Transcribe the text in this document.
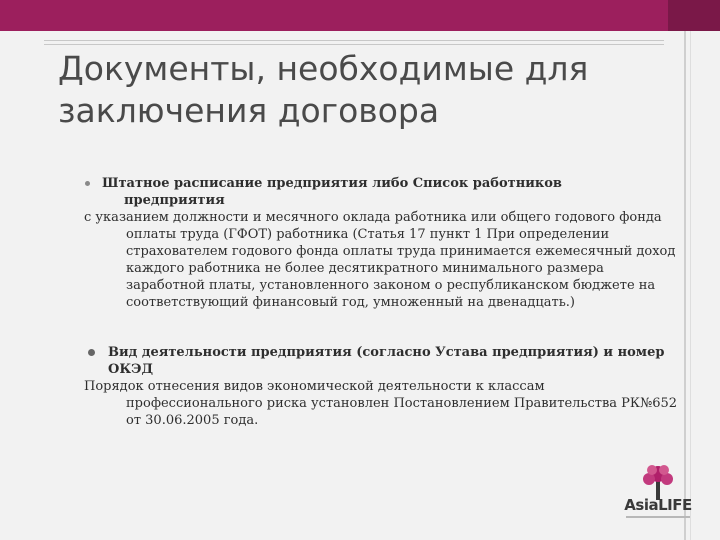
Документы, необходимые для заключения договора
Штатное расписание предприятия либо Список работников
предприятия

с указанием должности и месячного оклада работника или общего годового фонда оплаты труда (ГФОТ) работника (Статья 17 пункт 1 При определении страхователем годового фонда оплаты труда принимается ежемесячный доход каждого работника не более десятикратного минимального размера заработной платы, установленного законом о республиканском бюджете на соответствующий финансовый год, умноженный на двенадцать.)

Вид деятельности предприятия (согласно Устава предприятия) и номер
ОКЭД

Порядок отнесения видов экономической деятельности к классам профессионального риска установлен Постановлением Правительства РК№652 от 30.06.2005 года.

AsiaLIFE
